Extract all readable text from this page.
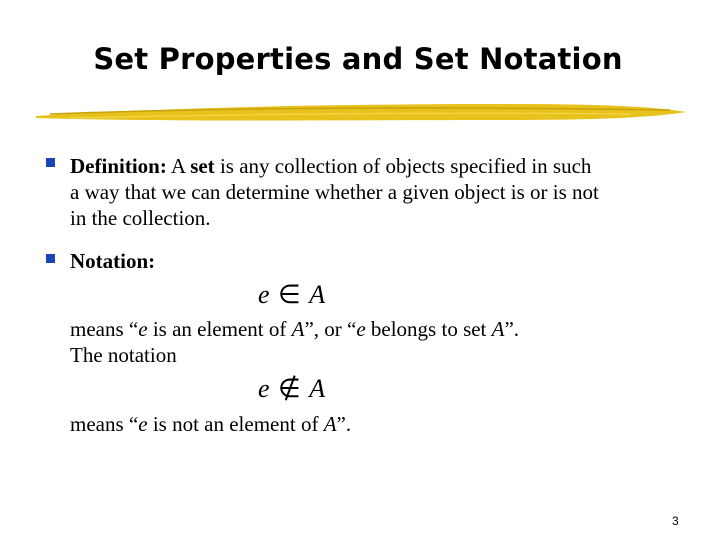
Set Properties and Set Notation
Definition: A set is any collection of objects specified in such
a way that we can determine whether a given object is or is not
in the collection.
Notation:
e ∈ A
means “e is an element of A”, or “e belongs to set A”.
The notation
e ∉ A
means “e is not an element of A”.
3
